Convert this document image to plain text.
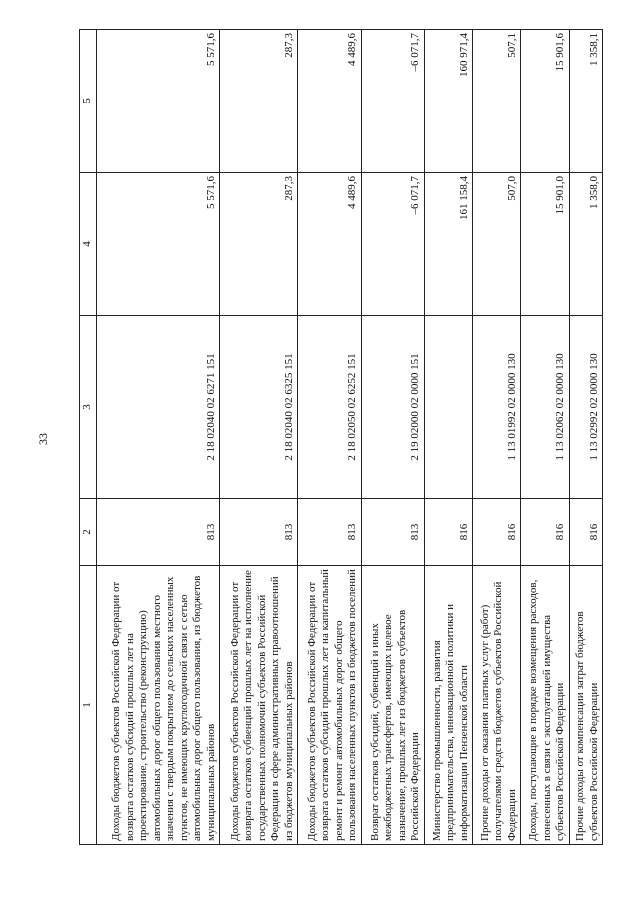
33
1	2	3	4	5
Доходы бюджетов субъектов Российской Федерации от возврата остатков субсидий прошлых лет на проектирование, строительство (реконструкцию) автомобильных дорог общего пользования местного значения с твердым покрытием до сельских населенных пунктов, не имеющих круглогодичной связи с сетью автомобильных дорог общего пользования, из бюджетов муниципальных районов	813	2 18 02040 02 6271 151	5 571,6	5 571,6
Доходы бюджетов субъектов Российской Федерации от возврата остатков субвенций прошлых лет на исполнение государственных полномочий субъектов Российской Федерации в сфере административных правоотношений из бюджетов муниципальных районов	813	2 18 02040 02 6325 151	287,3	287,3
Доходы бюджетов субъектов Российской Федерации от возврата остатков субсидий прошлых лет на капитальный ремонт и ремонт автомобильных дорог общего пользования населенных пунктов из бюджетов поселений	813	2 18 02050 02 6252 151	4 489,6	4 489,6
Возврат остатков субсидий, субвенций и иных межбюджетных трансфертов, имеющих целевое назначение, прошлых лет из бюджетов субъектов Российской Федерации	813	2 19 02000 02 0000 151	–6 071,7	–6 071,7
Министерство промышленности, развития предпринимательства, инновационной политики и информатизации Пензенской области	816		161 158,4	160 971,4
Прочие доходы от оказания платных услуг (работ) получателями средств бюджетов субъектов Российской Федерации	816	1 13 01992 02 0000 130	507,0	507,1
Доходы, поступающие в порядке возмещения расходов, понесенных в связи с эксплуатацией имущества субъектов Российской Федерации	816	1 13 02062 02 0000 130	15 901,0	15 901,6
Прочие доходы от компенсации затрат бюджетов субъектов Российской Федерации	816	1 13 02992 02 0000 130	1 358,0	1 358,1
